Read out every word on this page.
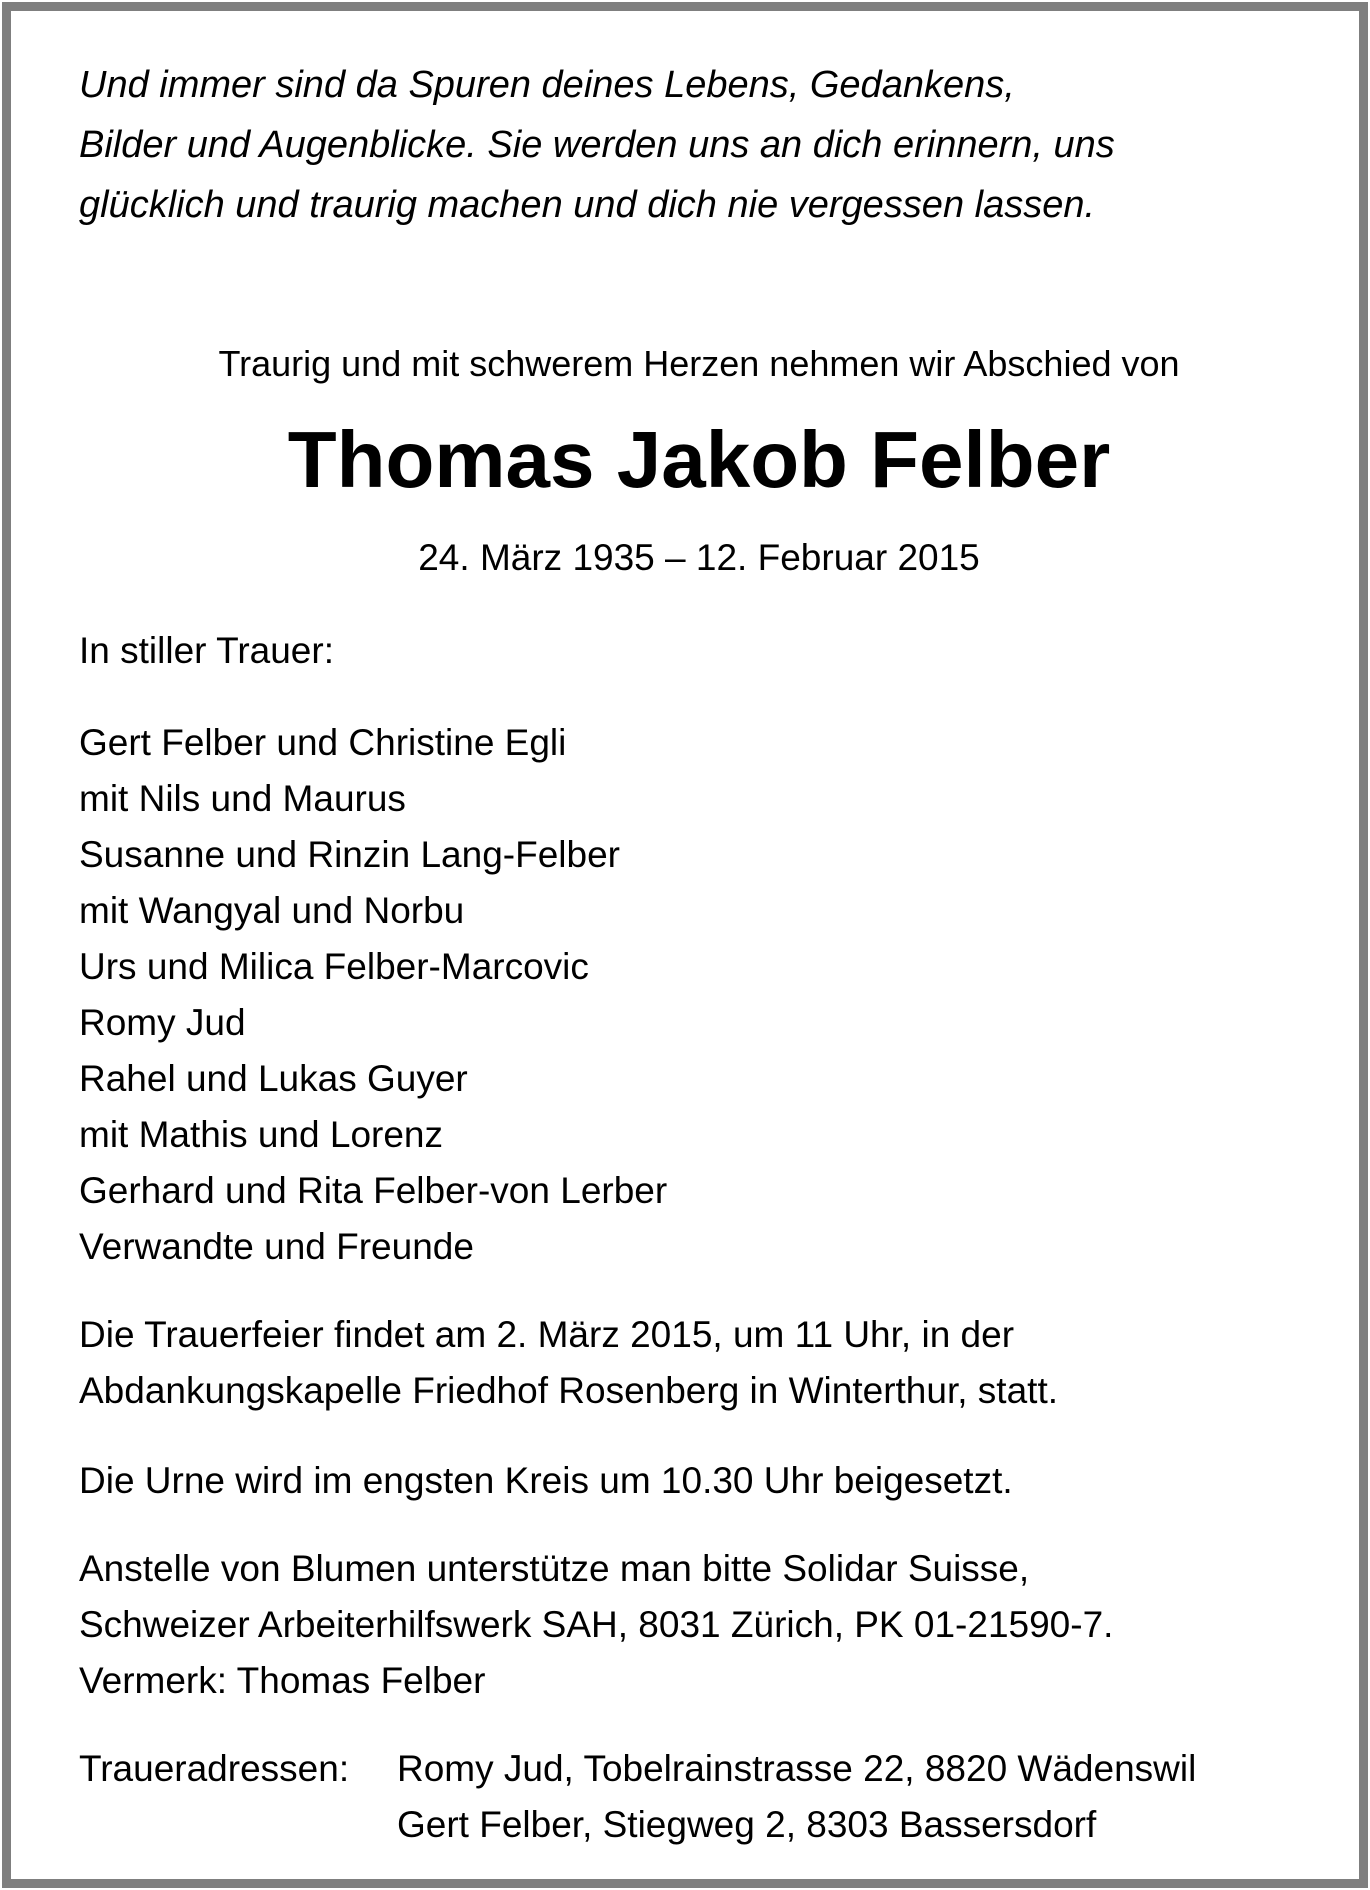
Und immer sind da Spuren deines Lebens, Gedankens,
Bilder und Augenblicke. Sie werden uns an dich erinnern, uns
glücklich und traurig machen und dich nie vergessen lassen.
Traurig und mit schwerem Herzen nehmen wir Abschied von
Thomas Jakob Felber
24. März 1935 – 12. Februar 2015
In stiller Trauer:
Gert Felber und Christine Egli
mit Nils und Maurus
Susanne und Rinzin Lang-Felber
mit Wangyal und Norbu
Urs und Milica Felber-Marcovic
Romy Jud
Rahel und Lukas Guyer
mit Mathis und Lorenz
Gerhard und Rita Felber-von Lerber
Verwandte und Freunde
Die Trauerfeier findet am 2. März 2015, um 11 Uhr, in der
Abdankungskapelle Friedhof Rosenberg in Winterthur, statt.
Die Urne wird im engsten Kreis um 10.30 Uhr beigesetzt.
Anstelle von Blumen unterstütze man bitte Solidar Suisse,
Schweizer Arbeiterhilfswerk SAH, 8031 Zürich, PK 01-21590-7.
Vermerk: Thomas Felber
Traueradressen:	Romy Jud, Tobelrainstrasse 22, 8820 Wädenswil
Gert Felber, Stiegweg 2, 8303 Bassersdorf
